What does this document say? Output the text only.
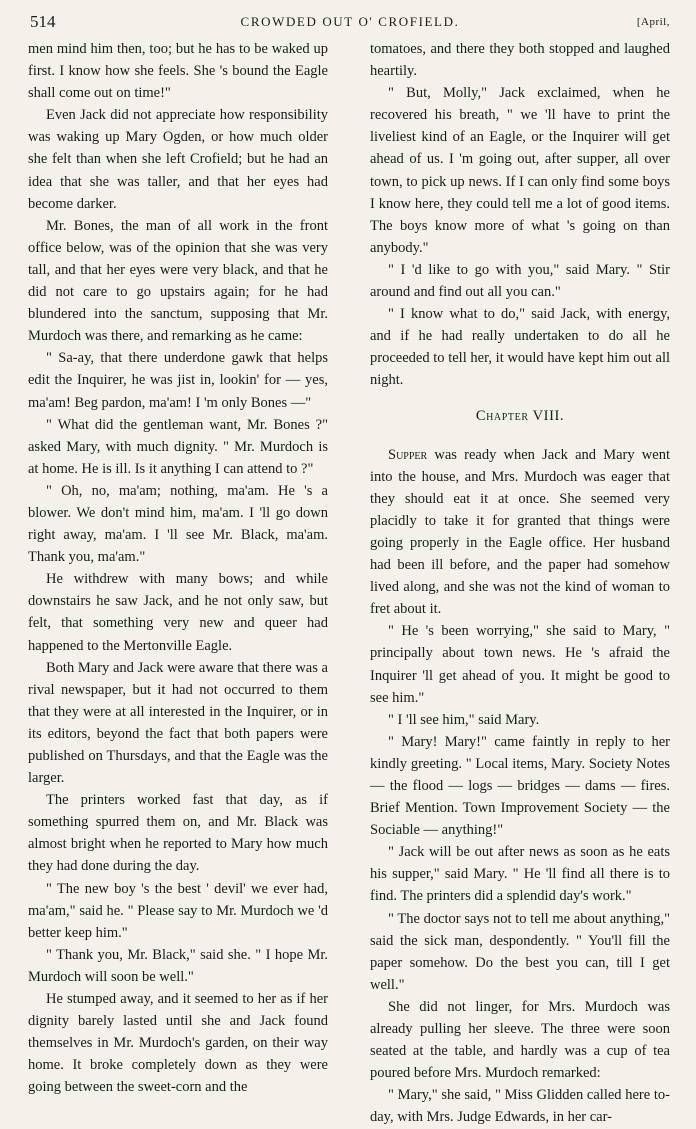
514	CROWDED OUT O' CROFIELD.	[April,

men mind him then, too; but he has to be waked up first. I know how she feels. She 's bound the Eagle shall come out on time!"

Even Jack did not appreciate how responsibility was waking up Mary Ogden, or how much older she felt than when she left Crofield; but he had an idea that she was taller, and that her eyes had become darker.

Mr. Bones, the man of all work in the front office below, was of the opinion that she was very tall, and that her eyes were very black, and that he did not care to go upstairs again; for he had blundered into the sanctum, supposing that Mr. Murdoch was there, and remarking as he came:

" Sa-ay, that there underdone gawk that helps edit the Inquirer, he was jist in, lookin' for — yes, ma'am! Beg pardon, ma'am! I 'm only Bones —"

" What did the gentleman want, Mr. Bones ?" asked Mary, with much dignity. " Mr. Murdoch is at home. He is ill. Is it anything I can attend to ?"

" Oh, no, ma'am; nothing, ma'am. He 's a blower. We don't mind him, ma'am. I 'll go down right away, ma'am. I 'll see Mr. Black, ma'am. Thank you, ma'am."

He withdrew with many bows; and while downstairs he saw Jack, and he not only saw, but felt, that something very new and queer had happened to the Mertonville Eagle.

Both Mary and Jack were aware that there was a rival newspaper, but it had not occurred to them that they were at all interested in the Inquirer, or in its editors, beyond the fact that both papers were published on Thursdays, and that the Eagle was the larger.

The printers worked fast that day, as if something spurred them on, and Mr. Black was almost bright when he reported to Mary how much they had done during the day.

" The new boy 's the best ' devil' we ever had, ma'am," said he. " Please say to Mr. Murdoch we 'd better keep him."

" Thank you, Mr. Black," said she. " I hope Mr. Murdoch will soon be well."

He stumped away, and it seemed to her as if her dignity barely lasted until she and Jack found themselves in Mr. Murdoch's garden, on their way home. It broke completely down as they were going between the sweet-corn and the

tomatoes, and there they both stopped and laughed heartily.

" But, Molly," Jack exclaimed, when he recovered his breath, " we 'll have to print the liveliest kind of an Eagle, or the Inquirer will get ahead of us. I 'm going out, after supper, all over town, to pick up news. If I can only find some boys I know here, they could tell me a lot of good items. The boys know more of what 's going on than anybody."

" I 'd like to go with you," said Mary. " Stir around and find out all you can."

" I know what to do," said Jack, with energy, and if he had really undertaken to do all he proceeded to tell her, it would have kept him out all night.

Chapter VIII.

Supper was ready when Jack and Mary went into the house, and Mrs. Murdoch was eager that they should eat it at once. She seemed very placidly to take it for granted that things were going properly in the Eagle office. Her husband had been ill before, and the paper had somehow lived along, and she was not the kind of woman to fret about it.

" He 's been worrying," she said to Mary, " principally about town news. He 's afraid the Inquirer 'll get ahead of you. It might be good to see him."

" I 'll see him," said Mary.

" Mary! Mary!" came faintly in reply to her kindly greeting. " Local items, Mary. Society Notes — the flood — logs — bridges — dams — fires. Brief Mention. Town Improvement Society — the Sociable — anything!"

" Jack will be out after news as soon as he eats his supper," said Mary. " He 'll find all there is to find. The printers did a splendid day's work."

" The doctor says not to tell me about anything," said the sick man, despondently. " You'll fill the paper somehow. Do the best you can, till I get well."

She did not linger, for Mrs. Murdoch was already pulling her sleeve. The three were soon seated at the table, and hardly was a cup of tea poured before Mrs. Murdoch remarked:

" Mary," she said, " Miss Glidden called here to-day, with Mrs. Judge Edwards, in her car-
